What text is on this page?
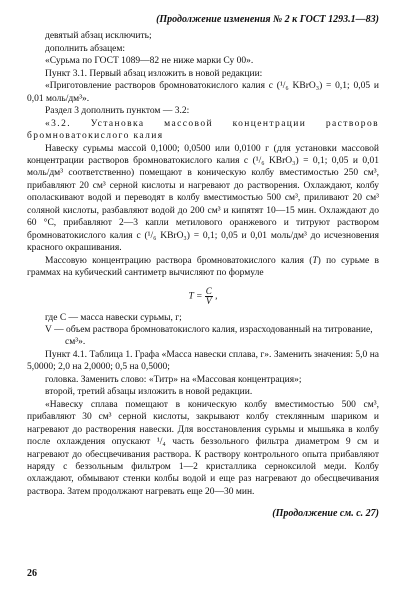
(Продолжение изменения № 2 к ГОСТ 1293.1—83)

девятый абзац исключить;

дополнить абзацем:

«Сурьма по ГОСТ 1089—82 не ниже марки Су 00».

Пункт 3.1. Первый абзац изложить в новой редакции:

«Приготовление растворов бромноватокислого калия c (¹/₆ KBrO₃) = 0,1; 0,05 и 0,01 моль/дм³».

Раздел 3 дополнить пунктом — 3.2:

«3.2. Установка массовой концентрации растворов бромноватокислого калия

Навеску сурьмы массой 0,1000; 0,0500 или 0,0100 г (для установки массовой концентрации растворов бромноватокислого калия c (¹/₆ KBrO₃) = 0,1; 0,05 и 0,01 моль/дм³ соответственно) помещают в коническую колбу вместимостью 250 см³, прибавляют 20 см³ серной кислоты и нагревают до растворения. Охлаждают, колбу ополаскивают водой и переводят в колбу вместимостью 500 см³, приливают 20 см³ соляной кислоты, разбавляют водой до 200 см³ и кипятят 10—15 мин. Охлаждают до 60 °С, прибавляют 2—3 капли метилового оранжевого и титруют раствором бромноватокислого калия c (¹/₆ KBrO₃) = 0,1; 0,05 и 0,01 моль/дм³ до исчезновения красного окрашивания.

Массовую концентрацию раствора бромноватокислого калия (T) по сурьме в граммах на кубический сантиметр вычисляют по формуле

$T = \frac{C}{V}$ ,

где C — масса навески сурьмы, г;

V — объем раствора бромноватокислого калия, израсходованный на титрование, см³».

Пункт 4.1. Таблица 1. Графа «Масса навески сплава, г». Заменить значения: 5,0 на 5,0000; 2,0 на 2,0000; 0,5 на 0,5000;

головка. Заменить слово: «Титр» на «Массовая концентрация»;

второй, третий абзацы изложить в новой редакции.

«Навеску сплава помещают в коническую колбу вместимостью 500 см³, прибавляют 30 см³ серной кислоты, закрывают колбу стеклянным шариком и нагревают до растворения навески. Для восстановления сурьмы и мышьяка в колбу после охлаждения опускают ¹/₄ часть беззольного фильтра диаметром 9 см и нагревают до обесцвечивания раствора. К раствору контрольного опыта прибавляют наряду с беззольным фильтром 1—2 кристаллика серноксилой меди. Колбу охлаждают, обмывают стенки колбы водой и еще раз нагревают до обесцвечивания раствора. Затем продолжают нагревать еще 20—30 мин.

(Продолжение см. с. 27)

26
